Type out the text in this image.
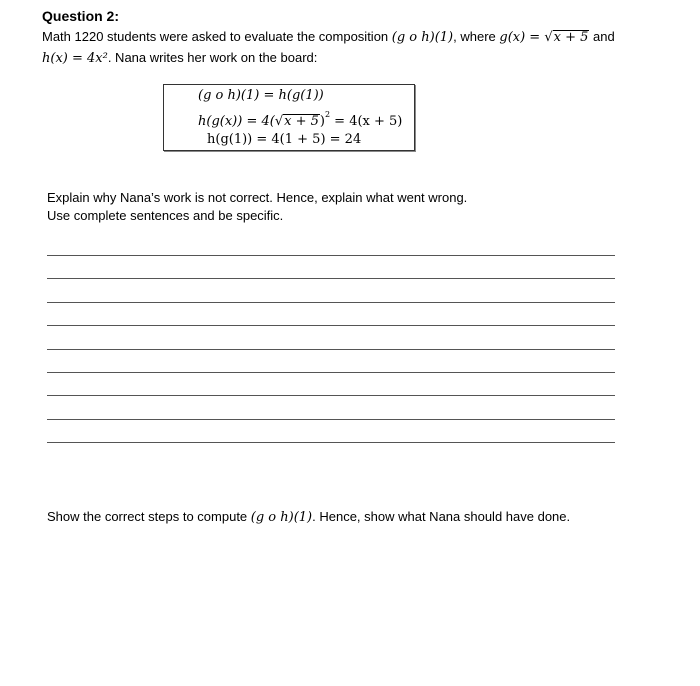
Question 2:
Math 1220 students were asked to evaluate the composition (g o h)(1), where g(x) = √x + 5 and
h(x) = 4x². Nana writes her work on the board:
(g o h)(1) = h(g(1))
$h(g(x)) = 4(√x + 5)^2 = 4(x + 5)$
h(g(1)) = 4(1 + 5) = 24
Explain why Nana’s work is not correct. Hence, explain what went wrong.
Use complete sentences and be specific.
Show the correct steps to compute (g o h)(1). Hence, show what Nana should have done.
